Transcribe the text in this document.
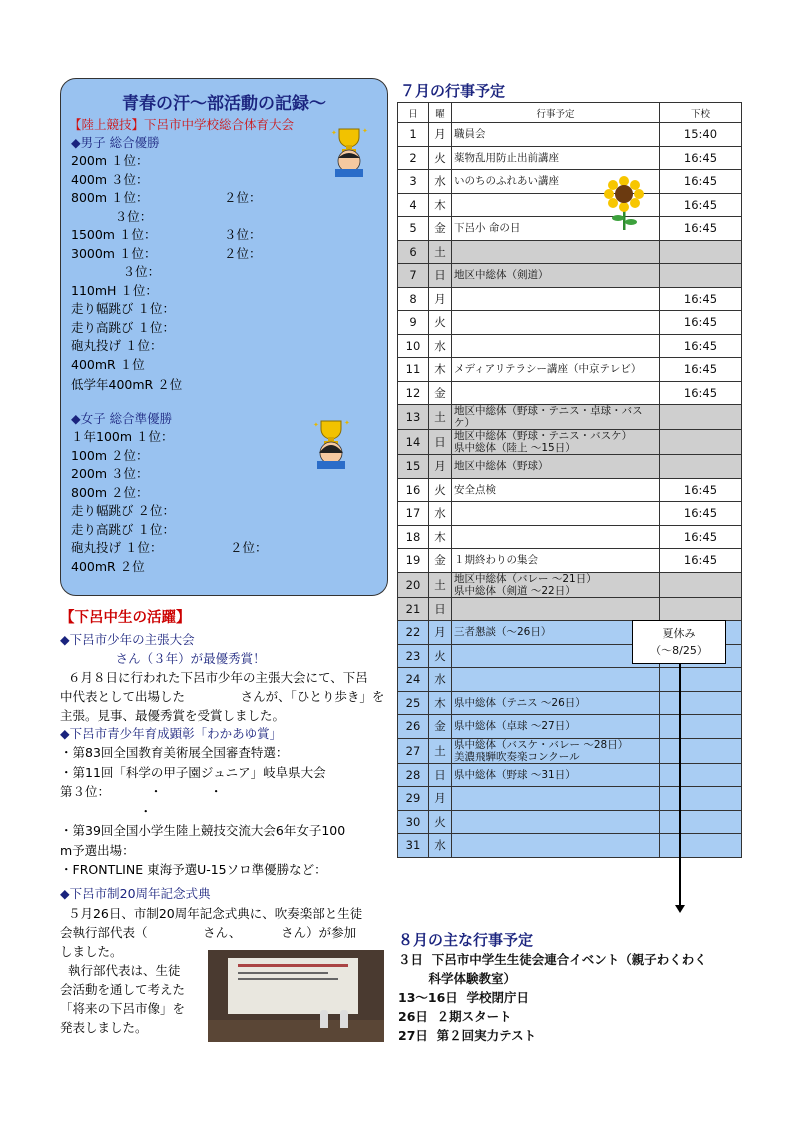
青春の汗～部活動の記録～
【陸上競技】下呂市中学校総合体育大会
◆男子 総合優勝
200m １位：
400m ３位：
800m １位：                   ２位：
３位：
1500m １位：                 ３位：
3000m １位：                 ２位：
３位：
110mH １位：
走り幅跳び １位：
走り高跳び １位：
砲丸投げ １位：
400mR １位
低学年400mR ２位
◆女子 総合準優勝
１年100m １位：
100m ２位：
200m ３位：
800m ２位：
走り幅跳び ２位：
走り高跳び １位：
砲丸投げ １位：                 ２位：
400mR ２位
✦	✦
✦	✦
【下呂中生の活躍】
◆下呂市少年の主張大会
さん（３年）が最優秀賞！
６月８日に行われた下呂市少年の主張大会にて、下呂
中代表として出場した              さんが、「ひとり歩き」を
主張。見事、最優秀賞を受賞しました。
◆下呂市青少年育成顕彰「わかあゆ賞」
・第83回全国教育美術展全国審査特選：
・第11回「科学の甲子園ジュニア」岐阜県大会
第３位：          ・            ・
・
・第39回全国小学生陸上競技交流大会6年女子100
m予選出場：
・FRONTLINE 東海予選U-15ソロ準優勝など：
◆下呂市制20周年記念式典
５月26日、市制20周年記念式典に、吹奏楽部と生徒
会執行部代表（              さん、          さん）が参加
しました。
執行部代表は、生徒
会活動を通して考えた
「将来の下呂市像」を
発表しました。
７月の行事予定
日	曜	行事予定	下校
1	月	職員会	15:40
2	火	薬物乱用防止出前講座	16:45
3	水	いのちのふれあい講座	16:45
4	木		16:45
5	金	下呂小 命の日	16:45
6	土		
7	日	地区中総体（剣道）	
8	月		16:45
9	火		16:45
10	水		16:45
11	木	メディアリテラシー講座（中京テレビ）	16:45
12	金		16:45
13	土	地区中総体（野球・テニス・卓球・バスケ）	
14	日	地区中総体（野球・テニス・バスケ）
県中総体（陸上 ～15日）	
15	月	地区中総体（野球）	
16	火	安全点検	16:45
17	水		16:45
18	木		16:45
19	金	１期終わりの集会	16:45
20	土	地区中総体（バレー ～21日）
県中総体（剣道 ～22日）	
21	日		
22	月	三者懇談（～26日）	
23	火		
24	水		
25	木	県中総体（テニス ～26日）	
26	金	県中総体（卓球 ～27日）	
27	土	県中総体（バスケ・バレー ～28日）
美濃飛騨吹奏楽コンクール	
28	日	県中総体（野球 ～31日）	
29	月		
30	火		
31	水		
夏休み
（～8/25）
８月の主な行事予定
３日  下呂市中学生生徒会連合イベント（親子わくわく
科学体験教室）
13～16日  学校閉庁日
26日  ２期スタート
27日  第２回実力テスト
